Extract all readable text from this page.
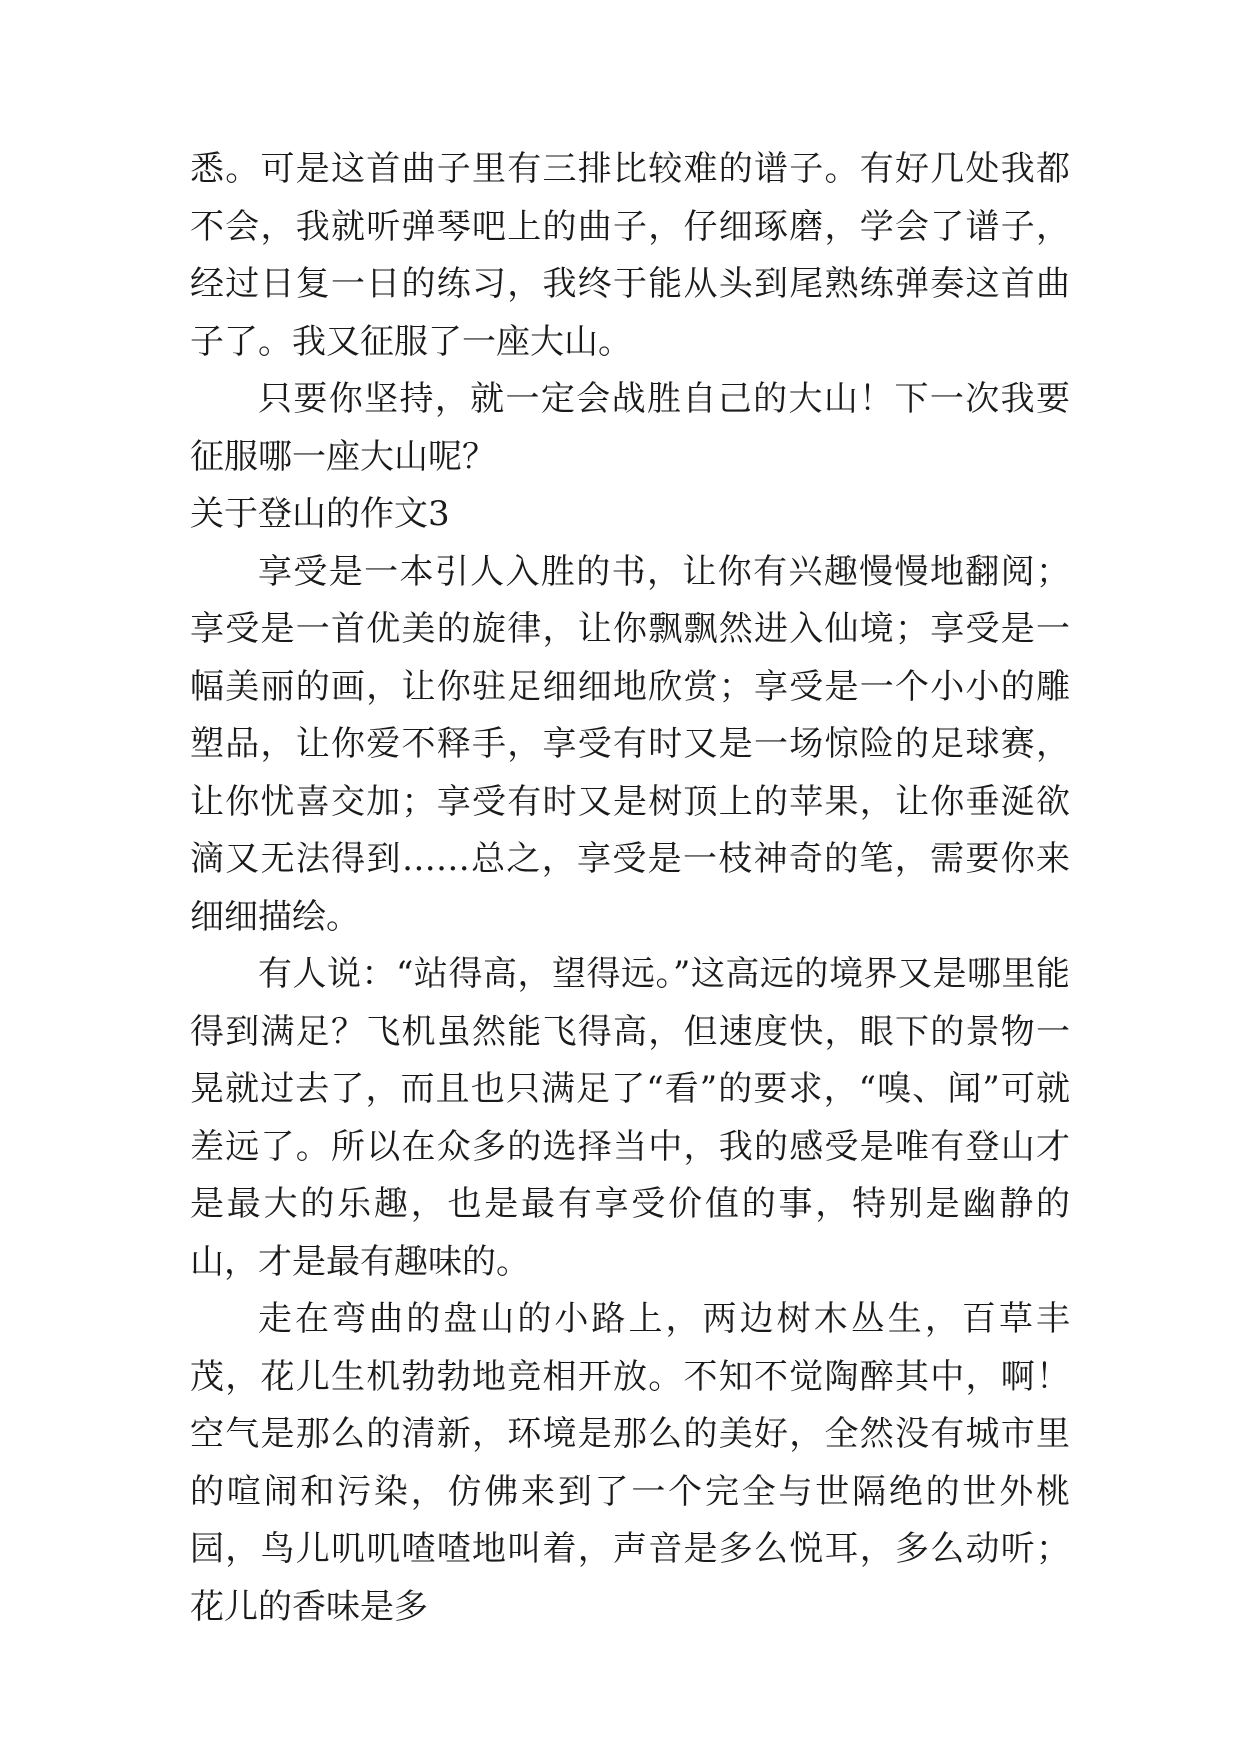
悉。可是这首曲子里有三排比较难的谱子。有好几处我都不会，我就听弹琴吧上的曲子，仔细琢磨，学会了谱子，经过日复一日的练习，我终于能从头到尾熟练弹奏这首曲子了。我又征服了一座大山。

只要你坚持，就一定会战胜自己的大山！下一次我要征服哪一座大山呢？

关于登山的作文3

享受是一本引人入胜的书，让你有兴趣慢慢地翻阅；享受是一首优美的旋律，让你飘飘然进入仙境；享受是一幅美丽的画，让你驻足细细地欣赏；享受是一个小小的雕塑品，让你爱不释手，享受有时又是一场惊险的足球赛，让你忧喜交加；享受有时又是树顶上的苹果，让你垂涎欲滴又无法得到……总之，享受是一枝神奇的笔，需要你来细细描绘。

有人说：“站得高，望得远。”这高远的境界又是哪里能得到满足？飞机虽然能飞得高，但速度快，眼下的景物一晃就过去了，而且也只满足了“看”的要求，“嗅、闻”可就差远了。所以在众多的选择当中，我的感受是唯有登山才是最大的乐趣，也是最有享受价值的事，特别是幽静的山，才是最有趣味的。

走在弯曲的盘山的小路上，两边树木丛生，百草丰茂，花儿生机勃勃地竞相开放。不知不觉陶醉其中，啊！空气是那么的清新，环境是那么的美好，全然没有城市里的喧闹和污染，仿佛来到了一个完全与世隔绝的世外桃园，鸟儿叽叽喳喳地叫着，声音是多么悦耳，多么动听；花儿的香味是多
